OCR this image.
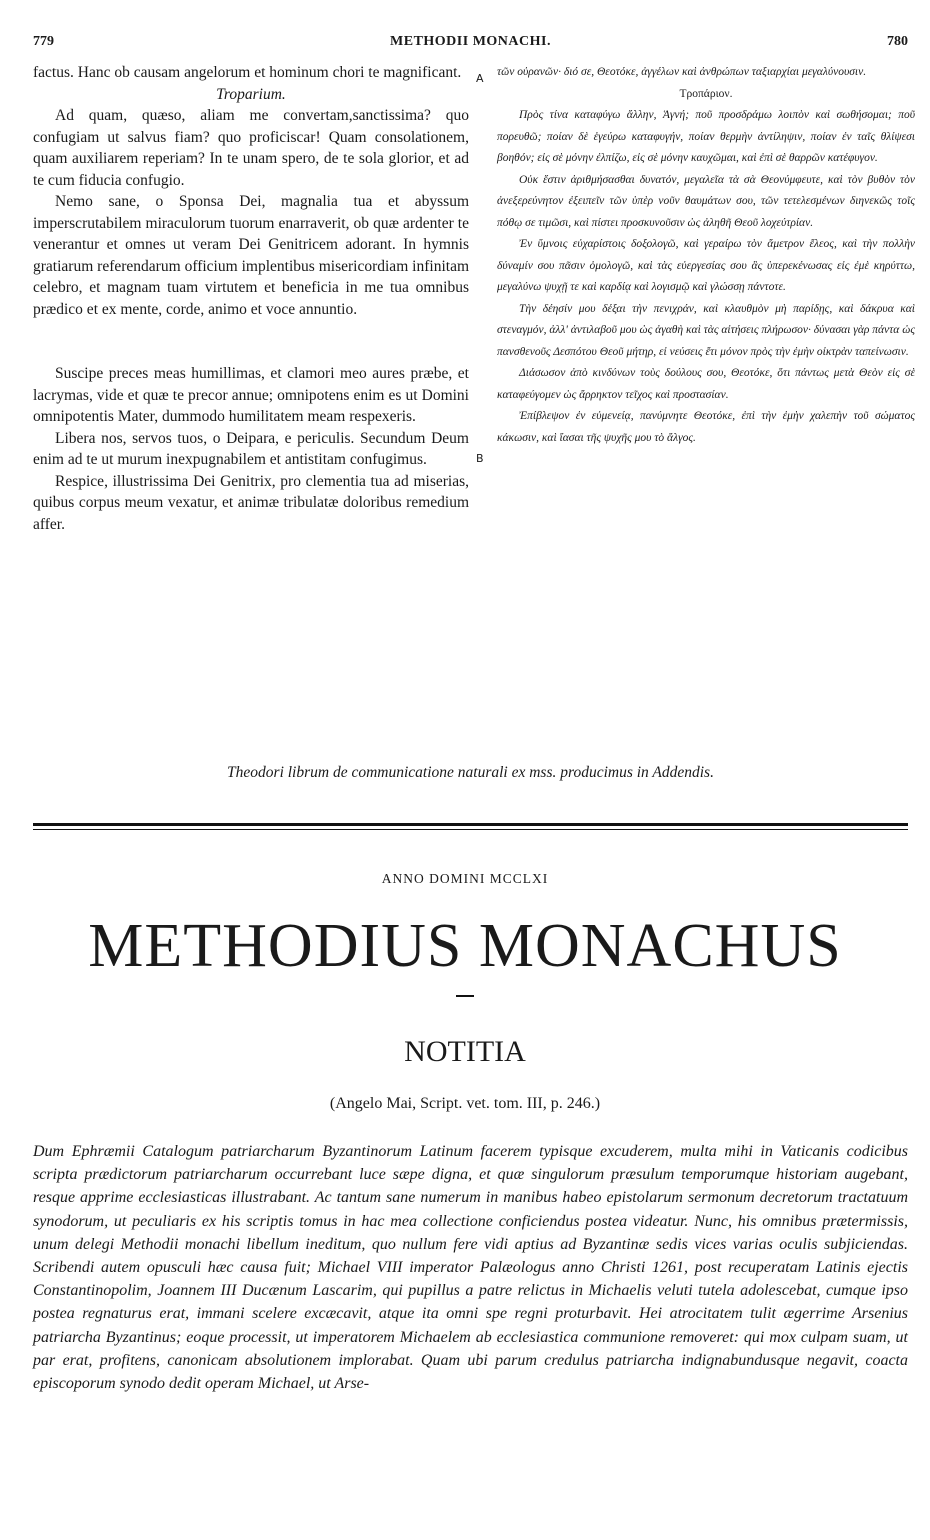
779	METHODII MONACHI.	780

factus. Hanc ob causam angelorum et hominum chori te magnificant.

Troparium.

Ad quam, quæso, aliam me convertam,sanctissima? quo confugiam ut salvus fiam? quo proficiscar! Quam consolationem, quam auxiliarem reperiam? In te unam spero, de te sola glorior, et ad te cum fiducia confugio.

Nemo sane, o Sponsa Dei, magnalia tua et abyssum imperscrutabilem miraculorum tuorum enarraverit, ob quæ ardenter te venerantur et omnes ut veram Dei Genitricem adorant. In hymnis gratiarum referendarum officium implentibus misericordiam infinitam celebro, et magnam tuam virtutem et beneficia in me tua omnibus prædico et ex mente, corde, animo et voce annuntio.

Suscipe preces meas humillimas, et clamori meo aures præbe, et lacrymas, vide et quæ te precor annue; omnipotens enim es ut Domini omnipotentis Mater, dummodo humilitatem meam respexeris.

Libera nos, servos tuos, o Deipara, e periculis. Secundum Deum enim ad te ut murum inexpugnabilem et antistitam confugimus.

Respice, illustrissima Dei Genitrix, pro clementia tua ad miserias, quibus corpus meum vexatur, et animæ tribulatæ doloribus remedium affer.

A
B

τῶν οὐρανῶν· διό σε, Θεοτόκε, ἀγγέλων καὶ ἀνθρώπων ταξιαρχίαι μεγαλύνουσιν.

Τροπάριον.

Πρὸς τίνα καταφύγω ἄλλην, Ἁγνή; ποῦ προσδράμω λοιπὸν καὶ σωθήσομαι; ποῦ πορευθῶ; ποίαν δὲ ἑγεύρω καταφυγήν, ποίαν θερμὴν ἀντίληψιν, ποίαν ἐν ταῖς θλίψεσι βοηθόν; εἰς σὲ μόνην ἐλπίζω, εἰς σὲ μόνην καυχῶμαι, καὶ ἐπὶ σὲ θαρρῶν κατέφυγον.

Οὐκ ἔστιν ἀριθμήσασθαι δυνατόν, μεγαλεῖα τὰ σὰ Θεονύμφευτε, καὶ τὸν βυθὸν τὸν ἀνεξερεύνητον ἐξειπεῖν τῶν ὑπὲρ νοῦν θαυμάτων σου, τῶν τετελεσμένων διηνεκῶς τοῖς πόθῳ σε τιμῶσι, καὶ πίστει προσκυνοῦσιν ὡς ἀληθῆ Θεοῦ λοχεύτρίαν.

Ἐν ὕμνοις εὐχαρίστοις δοξολογῶ, καὶ γεραίρω τὸν ἄμετρον ἔλεος, καὶ τὴν πολλὴν δύναμίν σου πᾶσιν ὁμολογῶ, καὶ τὰς εὐεργεσίας σου ἃς ὑπερεκένωσας εἰς ἐμὲ κηρύττω, μεγαλύνω ψυχῇ τε καὶ καρδίᾳ καὶ λογισμῷ καὶ γλώσσῃ πάντοτε.

Τὴν δέησίν μου δέξαι τὴν πενιχράν, καὶ κλαυθμὸν μὴ παρίδῃς, καὶ δάκρυα καὶ στεναγμόν, ἀλλ' ἀντιλαβοῦ μου ὡς ἀγαθὴ καὶ τὰς αἰτήσεις πλήρωσον· δύνασαι γὰρ πάντα ὡς πανσθενοῦς Δεσπότου Θεοῦ μήτηρ, εἰ νεύσεις ἔτι μόνον πρὸς τὴν ἐμὴν οἰκτρὰν ταπείνωσιν.

Διάσωσον ἀπὸ κινδύνων τοὺς δούλους σου, Θεοτόκε, ὅτι πάντως μετὰ Θεὸν εἰς σὲ καταφεύγομεν ὡς ἄρρηκτον τεῖχος καὶ προστασίαν.

Ἐπίβλεψον ἐν εὐμενείᾳ, πανύμνητε Θεοτόκε, ἐπὶ τὴν ἐμὴν χαλεπὴν τοῦ σώματος κάκωσιν, καὶ ἴασαι τῆς ψυχῆς μου τὸ ἄλγος.

Theodori librum de communicatione naturali ex mss. producimus in Addendis.
ANNO DOMINI MCCLXI
METHODIUS MONACHUS
NOTITIA
(Angelo Mai, Script. vet. tom. III, p. 246.)
Dum Ephræmii Catalogum patriarcharum Byzantinorum Latinum facerem typisque excuderem, multa mihi in Vaticanis codicibus scripta prædictorum patriarcharum occurrebant luce sæpe digna, et quæ singulorum præsulum temporumque historiam augebant, resque apprime ecclesiasticas illustrabant. Ac tantum sane numerum in manibus habeo epistolarum sermonum decretorum tractatuum synodorum, ut peculiaris ex his scriptis tomus in hac mea collectione conficiendus postea videatur. Nunc, his omnibus prætermissis, unum delegi Methodii monachi libellum ineditum, quo nullum fere vidi aptius ad Byzantinæ sedis vices varias oculis subjiciendas. Scribendi autem opusculi hæc causa fuit; Michael VIII imperator Palæologus anno Christi 1261, post recuperatam Latinis ejectis Constantinopolim, Joannem III Ducænum Lascarim, qui pupillus a patre relictus in Michaelis veluti tutela adolescebat, cumque ipso postea regnaturus erat, immani scelere excæcavit, atque ita omni spe regni proturbavit. Hei atrocitatem tulit ægerrime Arsenius patriarcha Byzantinus; eoque processit, ut imperatorem Michaelem ab ecclesiastica communione removeret: qui mox culpam suam, ut par erat, profitens, canonicam absolutionem implorabat. Quam ubi parum credulus patriarcha indignabundusque negavit, coacta episcoporum synodo dedit operam Michael, ut Arse-
